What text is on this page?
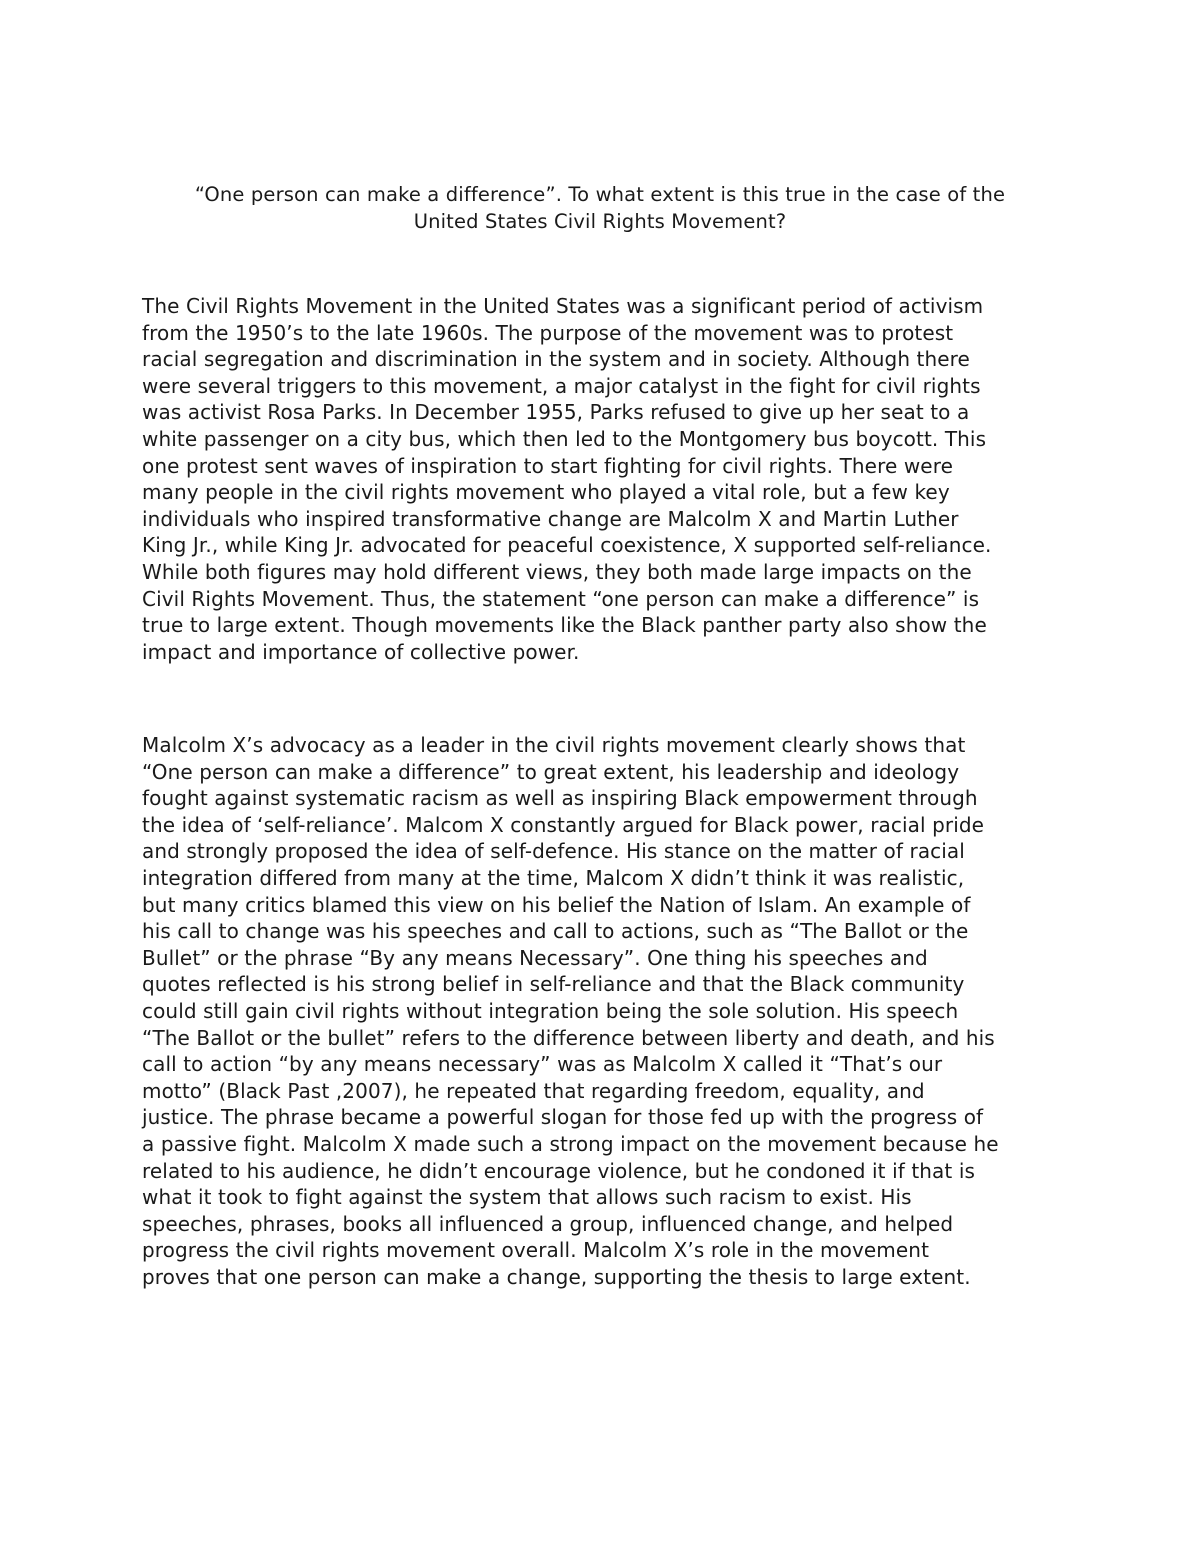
“One person can make a difference”. To what extent is this true in the case of the
United States Civil Rights Movement?
The Civil Rights Movement in the United States was a significant period of activism
from the 1950’s to the late 1960s. The purpose of the movement was to protest
racial segregation and discrimination in the system and in society. Although there
were several triggers to this movement, a major catalyst in the fight for civil rights
was activist Rosa Parks. In December 1955, Parks refused to give up her seat to a
white passenger on a city bus, which then led to the Montgomery bus boycott. This
one protest sent waves of inspiration to start fighting for civil rights. There were
many people in the civil rights movement who played a vital role, but a few key
individuals who inspired transformative change are Malcolm X and Martin Luther
King Jr., while King Jr. advocated for peaceful coexistence, X supported self-reliance.
While both figures may hold different views, they both made large impacts on the
Civil Rights Movement. Thus, the statement “one person can make a difference” is
true to large extent. Though movements like the Black panther party also show the
impact and importance of collective power.
Malcolm X’s advocacy as a leader in the civil rights movement clearly shows that
“One person can make a difference” to great extent, his leadership and ideology
fought against systematic racism as well as inspiring Black empowerment through
the idea of ‘self-reliance’. Malcom X constantly argued for Black power, racial pride
and strongly proposed the idea of self-defence. His stance on the matter of racial
integration differed from many at the time, Malcom X didn’t think it was realistic,
but many critics blamed this view on his belief the Nation of Islam. An example of
his call to change was his speeches and call to actions, such as “The Ballot or the
Bullet” or the phrase “By any means Necessary”. One thing his speeches and
quotes reflected is his strong belief in self-reliance and that the Black community
could still gain civil rights without integration being the sole solution. His speech
“The Ballot or the bullet” refers to the difference between liberty and death, and his
call to action “by any means necessary” was as Malcolm X called it “That’s our
motto” (Black Past ,2007), he repeated that regarding freedom, equality, and
justice. The phrase became a powerful slogan for those fed up with the progress of
a passive fight. Malcolm X made such a strong impact on the movement because he
related to his audience, he didn’t encourage violence, but he condoned it if that is
what it took to fight against the system that allows such racism to exist. His
speeches, phrases, books all influenced a group, influenced change, and helped
progress the civil rights movement overall. Malcolm X’s role in the movement
proves that one person can make a change, supporting the thesis to large extent.
